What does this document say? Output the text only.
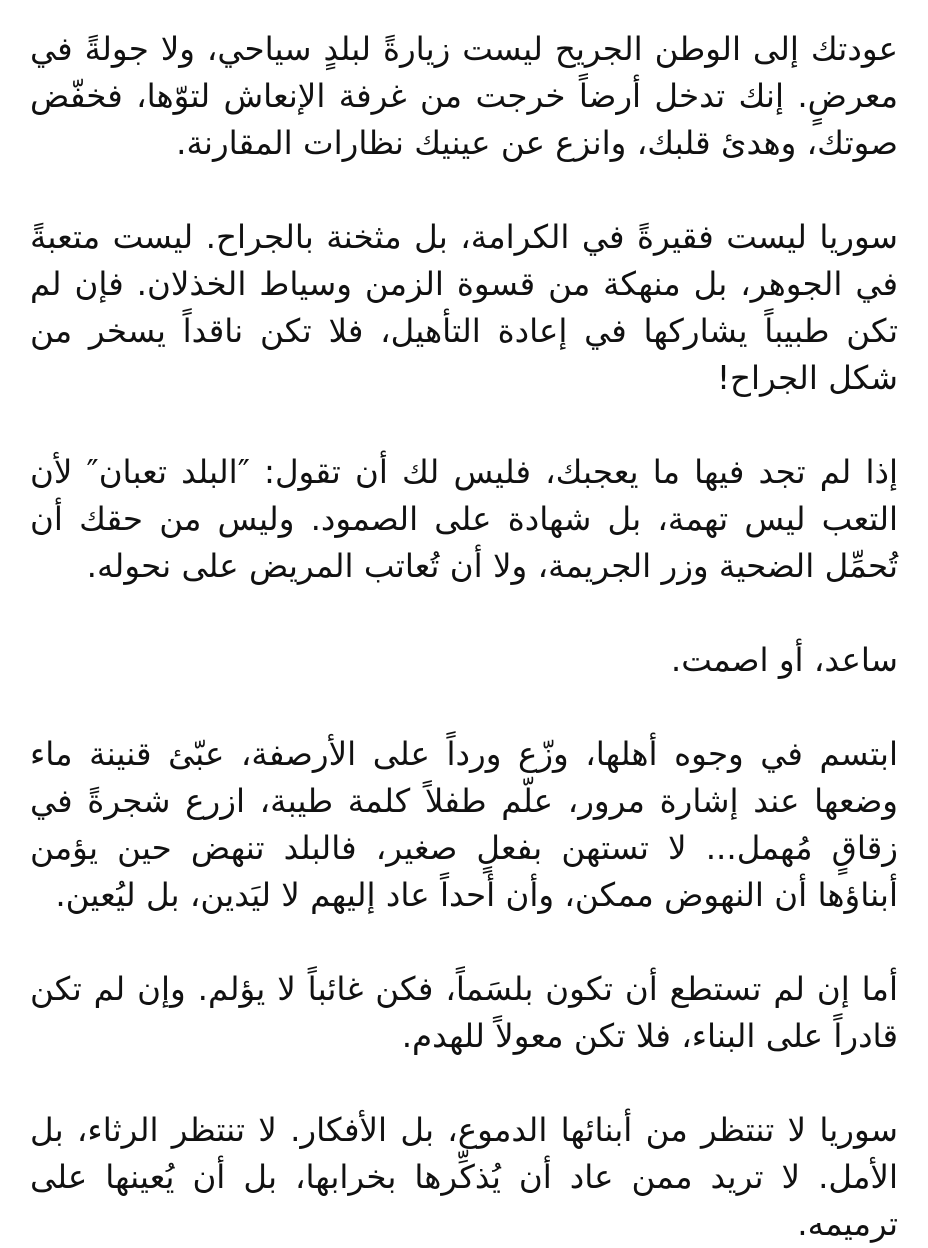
عودتك إلى الوطن الجريح ليست زيارةً لبلدٍ سياحي، ولا جولةً في معرضٍ. إنك تدخل أرضاً خرجت من غرفة الإنعاش لتوّها، فخفّض صوتك، وهدئ قلبك، وانزع عن عينيك نظارات المقارنة.

سوريا ليست فقيرةً في الكرامة، بل مثخنة بالجراح. ليست متعبةً في الجوهر، بل منهكة من قسوة الزمن وسياط الخذلان. فإن لم تكن طبيباً يشاركها في إعادة التأهيل، فلا تكن ناقداً يسخر من شكل الجراح!

إذا لم تجد فيها ما يعجبك، فليس لك أن تقول: ″البلد تعبان″ لأن التعب ليس تهمة، بل شهادة على الصمود. وليس من حقك أن تُحمِّل الضحية وزر الجريمة، ولا أن تُعاتب المريض على نحوله.

ساعد، أو اصمت.

ابتسم في وجوه أهلها، وزّع ورداً على الأرصفة، عبّئ قنينة ماء وضعها عند إشارة مرور، علّم طفلاً كلمة طيبة، ازرع شجرةً في زقاقٍ مُهمل... لا تستهن بفعلٍ صغير، فالبلد تنهض حين يؤمن أبناؤها أن النهوض ممكن، وأن أحداً عاد إليهم لا ليَدين، بل ليُعين.

أما إن لم تستطع أن تكون بلسَماً، فكن غائباً لا يؤلم. وإن لم تكن قادراً على البناء، فلا تكن معولاً للهدم.

سوريا لا تنتظر من أبنائها الدموع، بل الأفكار. لا تنتظر الرثاء، بل الأمل. لا تريد ممن عاد أن يُذكِّرها بخرابها، بل أن يُعينها على ترميمه.
